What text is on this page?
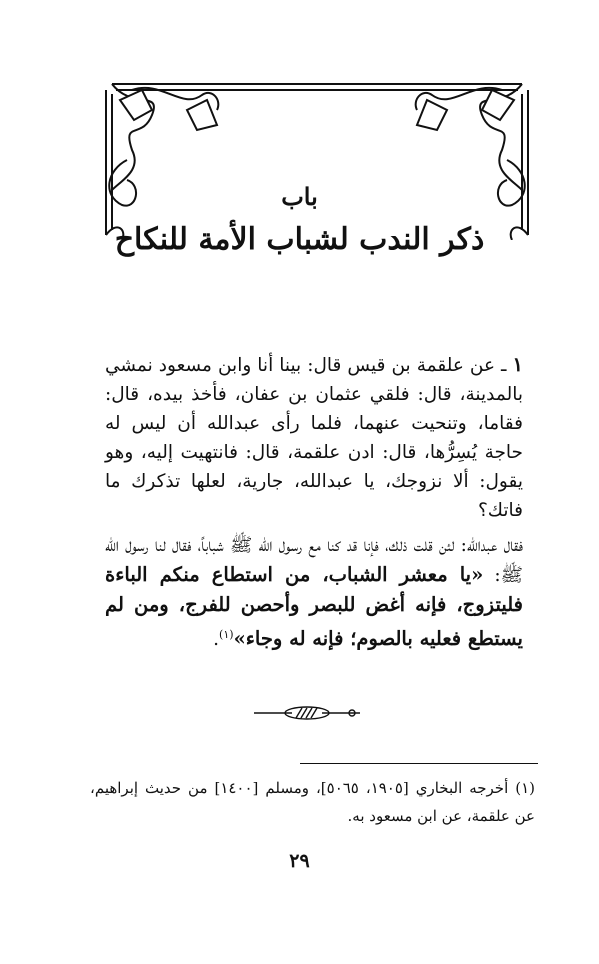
باب
ذكر الندب لشباب الأمة للنكاح

١ ـ عن علقمة بن قيس قال: بينا أنا وابن مسعود نمشي بالمدينة، قال: فلقي عثمان بن عفان، فأخذ بيده، قال: فقاما، وتنحيت عنهما، فلما رأى عبدالله أن ليس له حاجة يُسِرُّها، قال: ادن علقمة، قال: فانتهيت إليه، وهو يقول: ألا نزوجك، يا عبدالله، جارية، لعلها تذكرك ما فاتك؟

فقال عبدالله: لئن قلت ذلك، فإنا قد كنا مع رسول الله ﷺ شباباً، فقال لنا رسول الله ﷺ: «يا معشر الشباب، من استطاع منكم الباءة فليتزوج، فإنه أغض للبصر وأحصن للفرج، ومن لم يستطع فعليه بالصوم؛ فإنه له وجاء»$^{(١)}$.

(١) أخرجه البخاري [١٩٠٥، ٥٠٦٥]، ومسلم [١٤٠٠] من حديث إبراهيم، عن علقمة، عن ابن مسعود به.

٢٩
